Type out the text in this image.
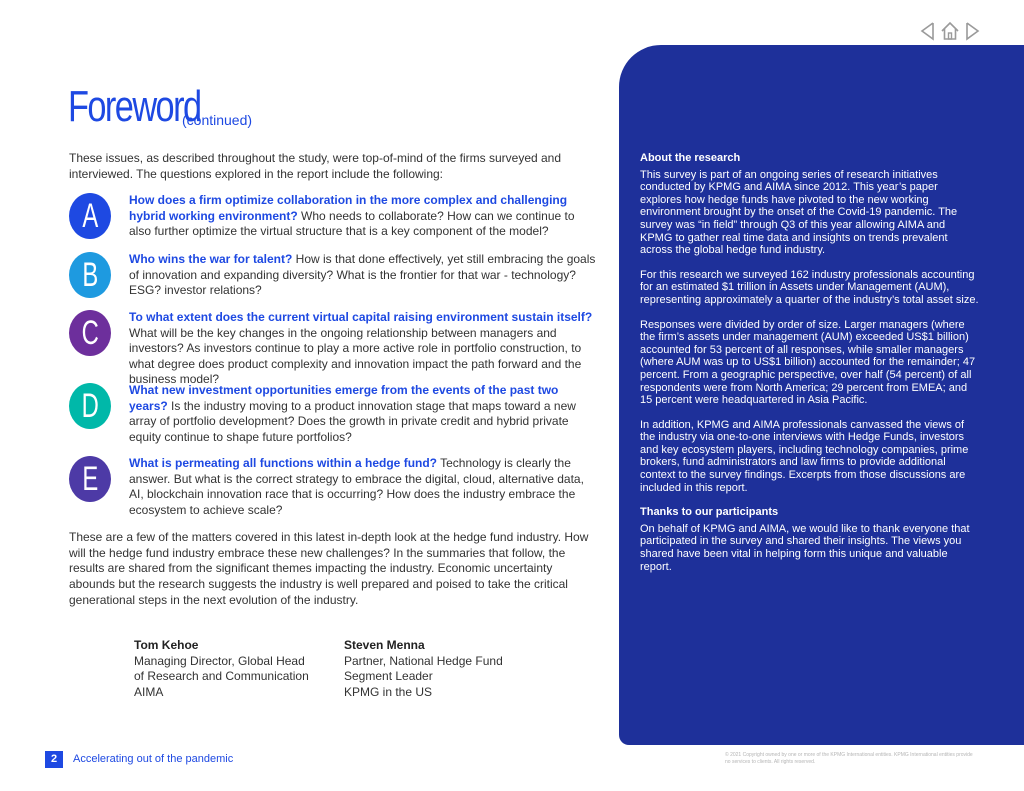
Foreword
(continued)

These issues, as described throughout the study, were top-of-mind of the firms surveyed and interviewed. The questions explored in the report include the following:

A	How does a firm optimize collaboration in the more complex and challenging hybrid working environment? Who needs to collaborate? How can we continue to also further optimize the virtual structure that is a key component of the model?

B	Who wins the war for talent? How is that done effectively, yet still embracing the goals of innovation and expanding diversity? What is the frontier for that war - technology? ESG? investor relations?

C	To what extent does the current virtual capital raising environment sustain itself? What will be the key changes in the ongoing relationship between managers and investors? As investors continue to play a more active role in portfolio construction, to what degree does product complexity and innovation impact the path forward and the business model?

D	What new investment opportunities emerge from the events of the past two years? Is the industry moving to a product innovation stage that maps toward a new array of portfolio development? Does the growth in private credit and hybrid private equity continue to shape future portfolios?

E	What is permeating all functions within a hedge fund? Technology is clearly the answer. But what is the correct strategy to embrace the digital, cloud, alternative data, AI, blockchain innovation race that is occurring? How does the industry embrace the ecosystem to achieve scale?

These are a few of the matters covered in this latest in-depth look at the hedge fund industry. How will the hedge fund industry embrace these new challenges? In the summaries that follow, the results are shared from the significant themes impacting the industry. Economic uncertainty abounds but the research suggests the industry is well prepared and poised to take the critical generational steps in the next evolution of the industry.

Tom Kehoe
Managing Director, Global Head
of Research and Communication
AIMA
Steven Menna
Partner, National Hedge Fund
Segment Leader
KPMG in the US
About the research

This survey is part of an ongoing series of research initiatives conducted by KPMG and AIMA since 2012. This year’s paper explores how hedge funds have pivoted to the new working environment brought by the onset of the Covid-19 pandemic. The survey was “in field” through Q3 of this year allowing AIMA and KPMG to gather real time data and insights on trends prevalent across the global hedge fund industry.

For this research we surveyed 162 industry professionals accounting for an estimated $1 trillion in Assets under Management (AUM), representing approximately a quarter of the industry’s total asset size.

Responses were divided by order of size. Larger managers (where the firm’s assets under management (AUM) exceeded US$1 billion) accounted for 53 percent of all responses, while smaller managers (where AUM was up to US$1 billion) accounted for the remainder; 47 percent. From a geographic perspective, over half (54 percent) of all respondents were from North America; 29 percent from EMEA; and 15 percent were headquartered in Asia Pacific.

In addition, KPMG and AIMA professionals canvassed the views of the industry via one-to-one interviews with Hedge Funds, investors and key ecosystem players, including technology companies, prime brokers, fund administrators and law firms to provide additional context to the survey findings. Excerpts from those discussions are included in this report.

Thanks to our participants

On behalf of KPMG and AIMA, we would like to thank everyone that participated in the survey and shared their insights. The views you shared have been vital in helping form this unique and valuable report.

2	Accelerating out of the pandemic	© 2021 Copyright owned by one or more of the KPMG International entities. KPMG International entities provide no services to clients. All rights reserved.
